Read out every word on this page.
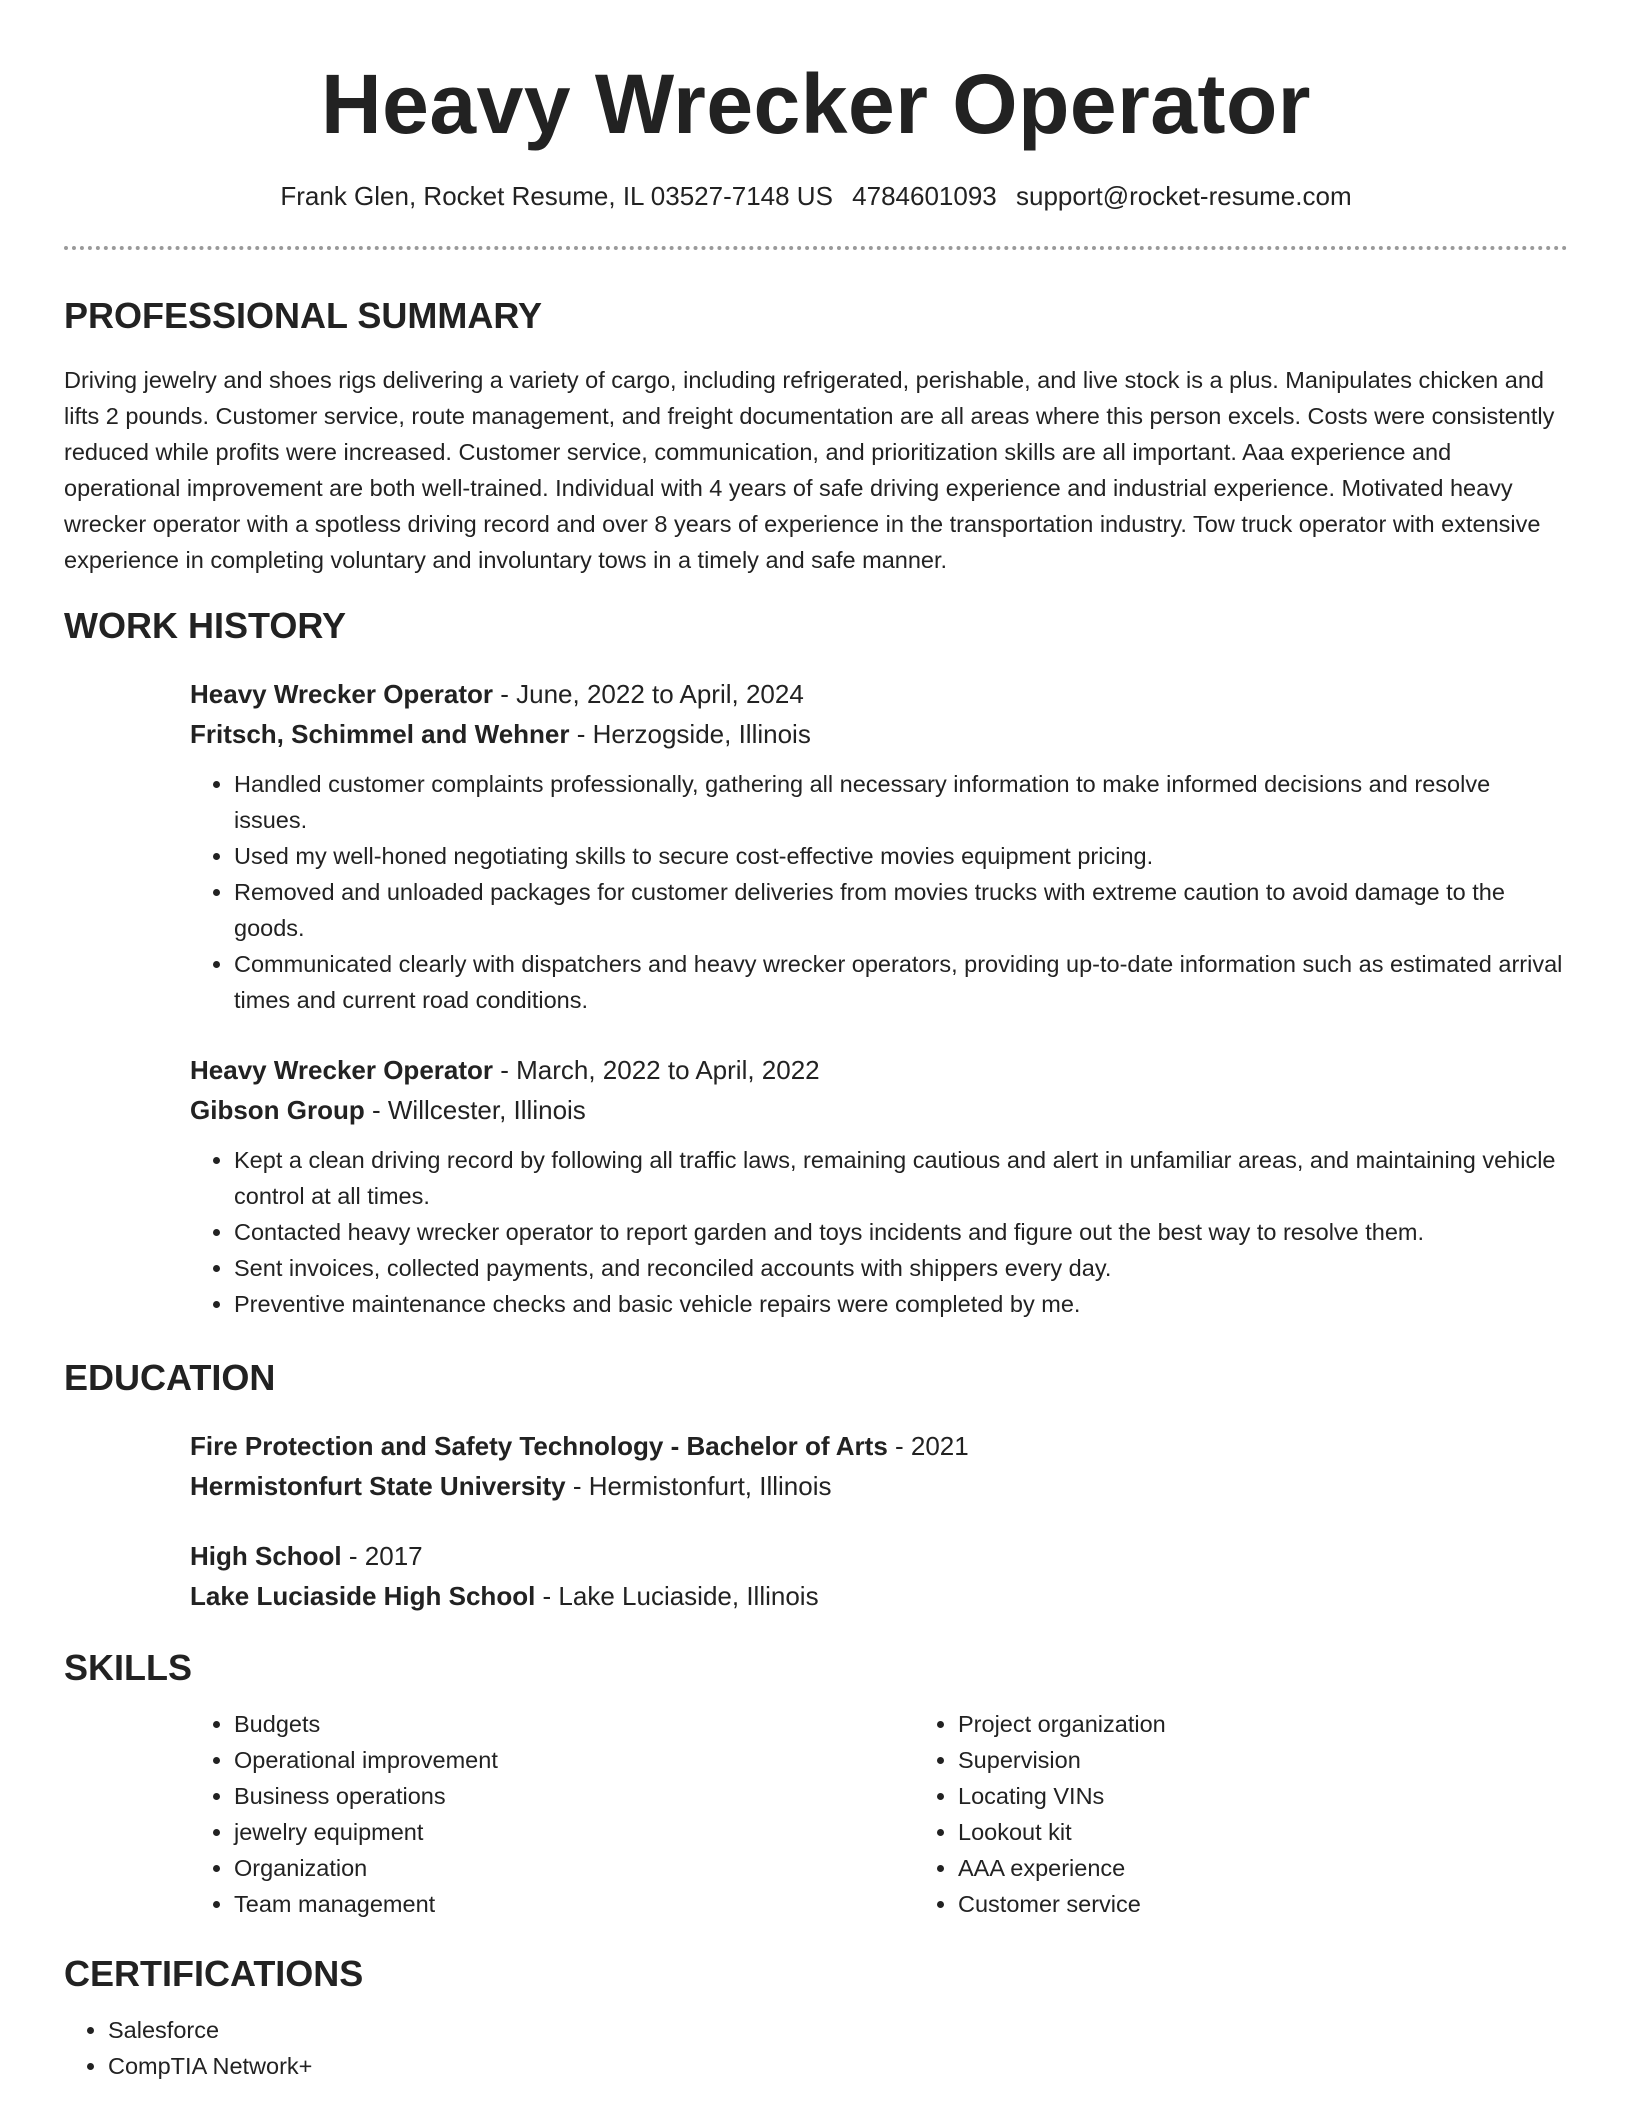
Heavy Wrecker Operator
Frank Glen, Rocket Resume, IL 03527-7148 US 4784601093 support@rocket-resume.com
PROFESSIONAL SUMMARY

Driving jewelry and shoes rigs delivering a variety of cargo, including refrigerated, perishable, and live stock is a plus. Manipulates chicken and lifts 2 pounds. Customer service, route management, and freight documentation are all areas where this person excels. Costs were consistently reduced while profits were increased. Customer service, communication, and prioritization skills are all important. Aaa experience and operational improvement are both well-trained. Individual with 4 years of safe driving experience and industrial experience. Motivated heavy wrecker operator with a spotless driving record and over 8 years of experience in the transportation industry. Tow truck operator with extensive experience in completing voluntary and involuntary tows in a timely and safe manner.

WORK HISTORY

Heavy Wrecker Operator - June, 2022 to April, 2024

Fritsch, Schimmel and Wehner - Herzogside, Illinois

• Handled customer complaints professionally, gathering all necessary information to make informed decisions and resolve issues.
• Used my well-honed negotiating skills to secure cost-effective movies equipment pricing.
• Removed and unloaded packages for customer deliveries from movies trucks with extreme caution to avoid damage to the goods.
• Communicated clearly with dispatchers and heavy wrecker operators, providing up-to-date information such as estimated arrival times and current road conditions.

Heavy Wrecker Operator - March, 2022 to April, 2022

Gibson Group - Willcester, Illinois

• Kept a clean driving record by following all traffic laws, remaining cautious and alert in unfamiliar areas, and maintaining vehicle control at all times.
• Contacted heavy wrecker operator to report garden and toys incidents and figure out the best way to resolve them.
• Sent invoices, collected payments, and reconciled accounts with shippers every day.
• Preventive maintenance checks and basic vehicle repairs were completed by me.
EDUCATION

Fire Protection and Safety Technology - Bachelor of Arts - 2021

Hermistonfurt State University - Hermistonfurt, Illinois

High School - 2017

Lake Luciaside High School - Lake Luciaside, Illinois

SKILLS
• Budgets
• Operational improvement
• Business operations
• jewelry equipment
• Organization
• Team management
• Project organization
• Supervision
• Locating VINs
• Lookout kit
• AAA experience
• Customer service
CERTIFICATIONS
• Salesforce
• CompTIA Network+
